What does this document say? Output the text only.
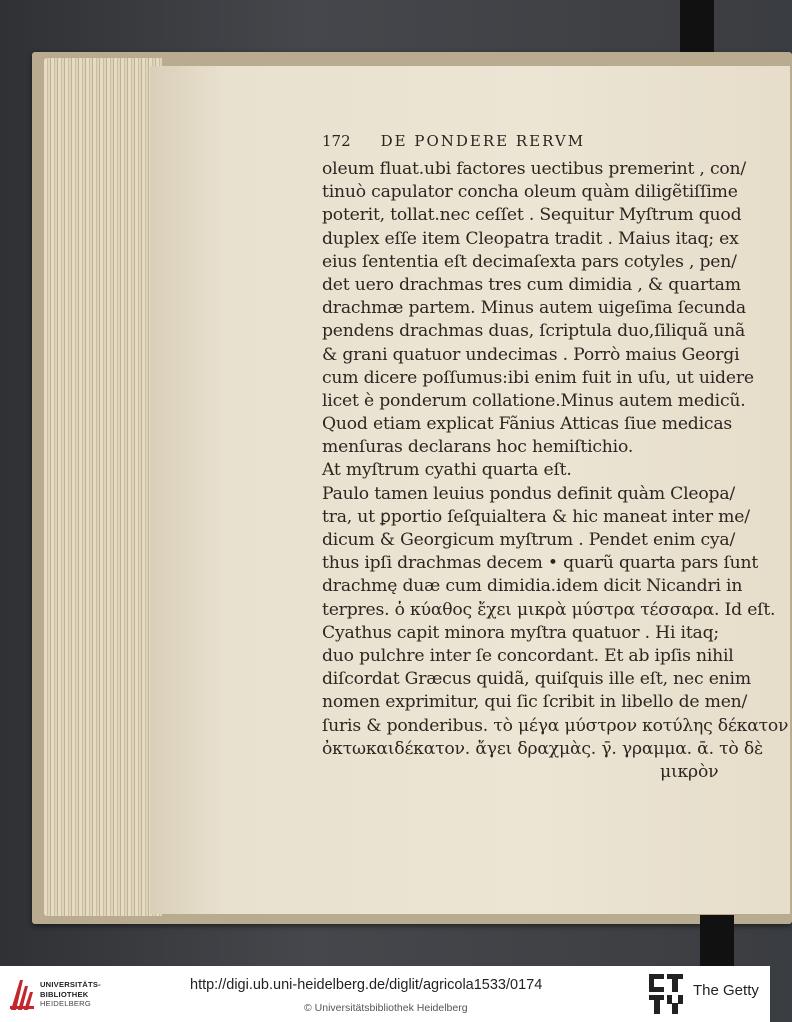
172 DE PONDERE RERVM
oleum fluat.ubi factores uectibus premerint , con/
tinuò capulator concha oleum quàm diligẽtiſſime
poterit, tollat.nec ceſſet . Sequitur Myſtrum quod
duplex eſſe item Cleopatra tradit . Maius itaq; ex
eius ſententia eſt decimaſexta pars cotyles , pen/
det uero drachmas tres cum dimidia , & quartam
drachmæ partem. Minus autem uigeſima ſecunda
pendens drachmas duas, ſcriptula duo,ſiliquã unã
& grani quatuor undecimas . Porrò maius Georgi
cum dicere poſſumus:ibi enim fuit in uſu, ut uidere
licet è ponderum collatione.Minus autem medicũ.
Quod etiam explicat Fãnius Atticas ſiue medicas
menſuras declarans hoc hemiſtichio.
At myſtrum cyathi quarta eſt.
Paulo tamen leuius pondus definit quàm Cleopa/
tra, ut ꝑportio ſeſquialtera & hic maneat inter me/
dicum & Georgicum myſtrum . Pendet enim cya/
thus ipſi drachmas decem • quarũ quarta pars ſunt
drachmę duæ cum dimidia.idem dicit Nicandri in
terpres. ὁ κύαθος ἔχει μικρὰ μύστρα τέσσαρα. Id eſt.
Cyathus capit minora myſtra quatuor . Hi itaq;
duo pulchre inter ſe concordant. Et ab ipſis nihil
diſcordat Græcus quidã, quiſquis ille eſt, nec enim
nomen exprimitur, qui ſic ſcribit in libello de men/
ſuris & ponderibus. τὸ μέγα μύστρον κοτύλης δέκατον
ὀκτωκαιδέκατον. ἄγει δραχμὰς. γ̄. γραμμα. ᾱ. τὸ δὲ
μικρὸν
UNIVERSITÄTS-
BIBLIOTHEK
HEIDELBERG
http://digi.ub.uni-heidelberg.de/diglit/agricola1533/0174
© Universitätsbibliothek Heidelberg
The Getty
